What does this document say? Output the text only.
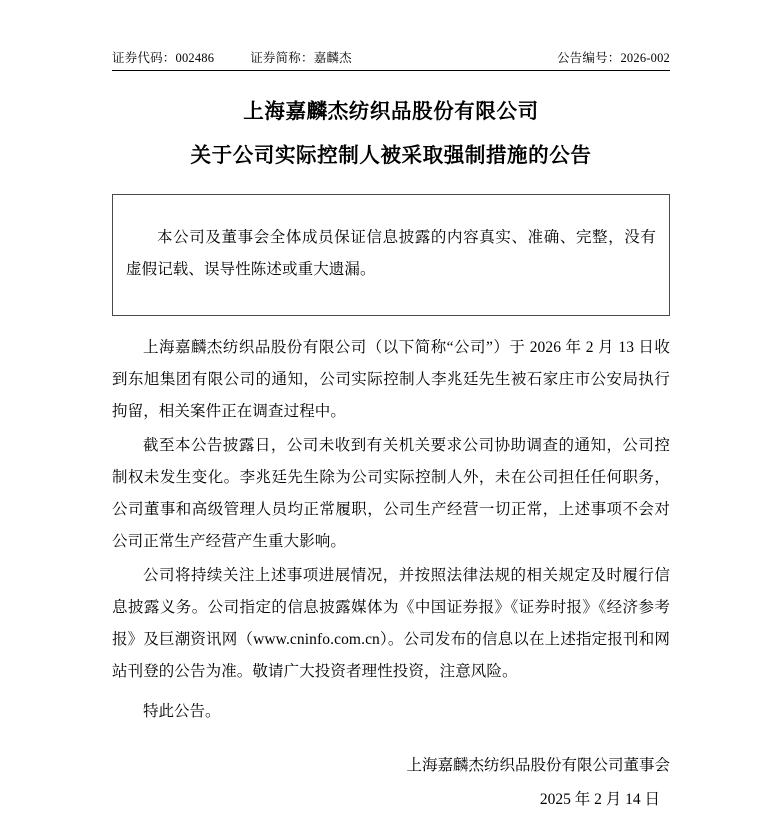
证券代码：002486	证券简称：嘉麟杰	公告编号：2026-002
上海嘉麟杰纺织品股份有限公司
关于公司实际控制人被采取强制措施的公告

本公司及董事会全体成员保证信息披露的内容真实、准确、完整，没有虚假记载、误导性陈述或重大遗漏。

上海嘉麟杰纺织品股份有限公司（以下简称“公司”）于 2026 年 2 月 13 日收到东旭集团有限公司的通知，公司实际控制人李兆廷先生被石家庄市公安局执行拘留，相关案件正在调查过程中。

截至本公告披露日，公司未收到有关机关要求公司协助调查的通知，公司控制权未发生变化。李兆廷先生除为公司实际控制人外，未在公司担任任何职务，公司董事和高级管理人员均正常履职，公司生产经营一切正常，上述事项不会对公司正常生产经营产生重大影响。

公司将持续关注上述事项进展情况，并按照法律法规的相关规定及时履行信息披露义务。公司指定的信息披露媒体为《中国证券报》《证券时报》《经济参考报》及巨潮资讯网（www.cninfo.com.cn）。公司发布的信息以在上述指定报刊和网站刊登的公告为准。敬请广大投资者理性投资，注意风险。

特此公告。

上海嘉麟杰纺织品股份有限公司董事会
2025 年 2 月 14 日
